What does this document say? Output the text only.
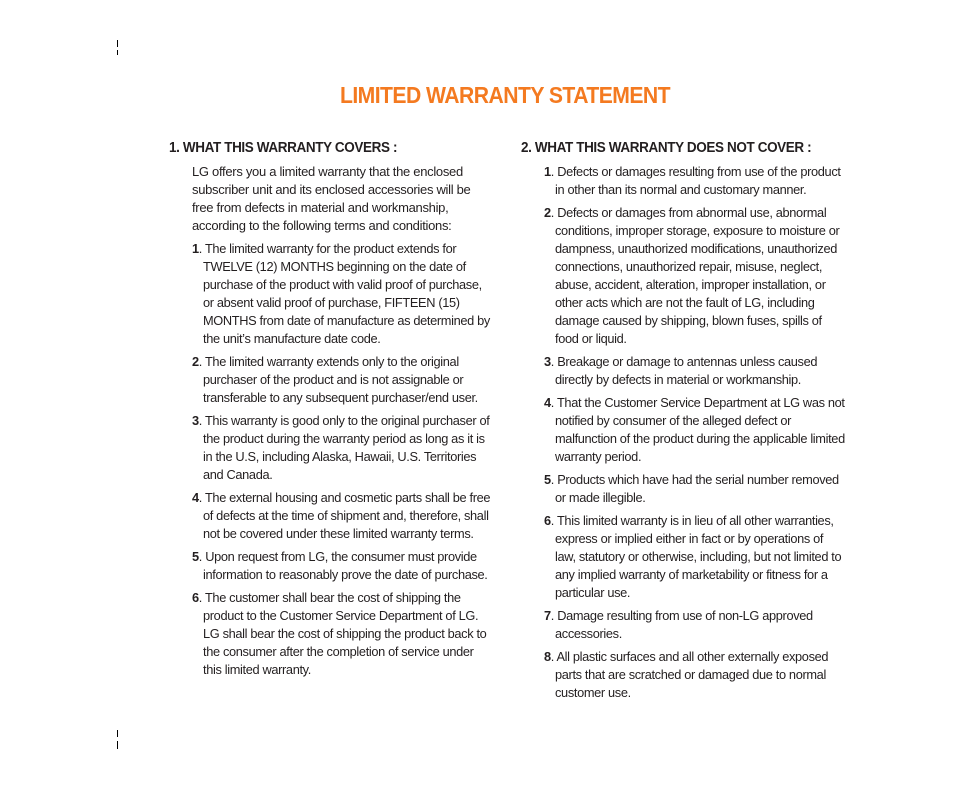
LIMITED WARRANTY STATEMENT
1. WHAT THIS WARRANTY COVERS :
LG offers you a limited warranty that the enclosed subscriber unit and its enclosed accessories will be free from defects in material and workmanship, according to the following terms and conditions:
1. The limited warranty for the product extends for TWELVE (12) MONTHS beginning on the date of purchase of the product with valid proof of purchase, or absent valid proof of purchase, FIFTEEN (15) MONTHS from date of manufacture as determined by the unit’s manufacture date code.
2. The limited warranty extends only to the original purchaser of the product and is not assignable or transferable to any subsequent purchaser/end user.
3. This warranty is good only to the original purchaser of the product during the warranty period as long as it is in the U.S, including Alaska, Hawaii, U.S. Territories and Canada.
4. The external housing and cosmetic parts shall be free of defects at the time of shipment and, therefore, shall not be covered under these limited warranty terms.
5. Upon request from LG, the consumer must provide information to reasonably prove the date of purchase.
6. The customer shall bear the cost of shipping the product to the Customer Service Department of LG. LG shall bear the cost of shipping the product back to the consumer after the completion of service under this limited warranty.
2. WHAT THIS WARRANTY DOES NOT COVER :
1. Defects or damages resulting from use of the product in other than its normal and customary manner.
2. Defects or damages from abnormal use, abnormal conditions, improper storage, exposure to moisture or dampness, unauthorized modifications, unauthorized connections, unauthorized repair, misuse, neglect, abuse, accident, alteration, improper installation, or other acts which are not the fault of LG, including damage caused by shipping, blown fuses, spills of food or liquid.
3. Breakage or damage to antennas unless caused directly by defects in material or workmanship.
4. That the Customer Service Department at LG was not notified by consumer of the alleged defect or malfunction of the product during the applicable limited warranty period.
5. Products which have had the serial number removed or made illegible.
6. This limited warranty is in lieu of all other warranties, express or implied either in fact or by operations of law, statutory or otherwise, including, but not limited to any implied warranty of marketability or fitness for a particular use.
7. Damage resulting from use of non-LG approved accessories.
8. All plastic surfaces and all other externally exposed parts that are scratched or damaged due to normal customer use.
